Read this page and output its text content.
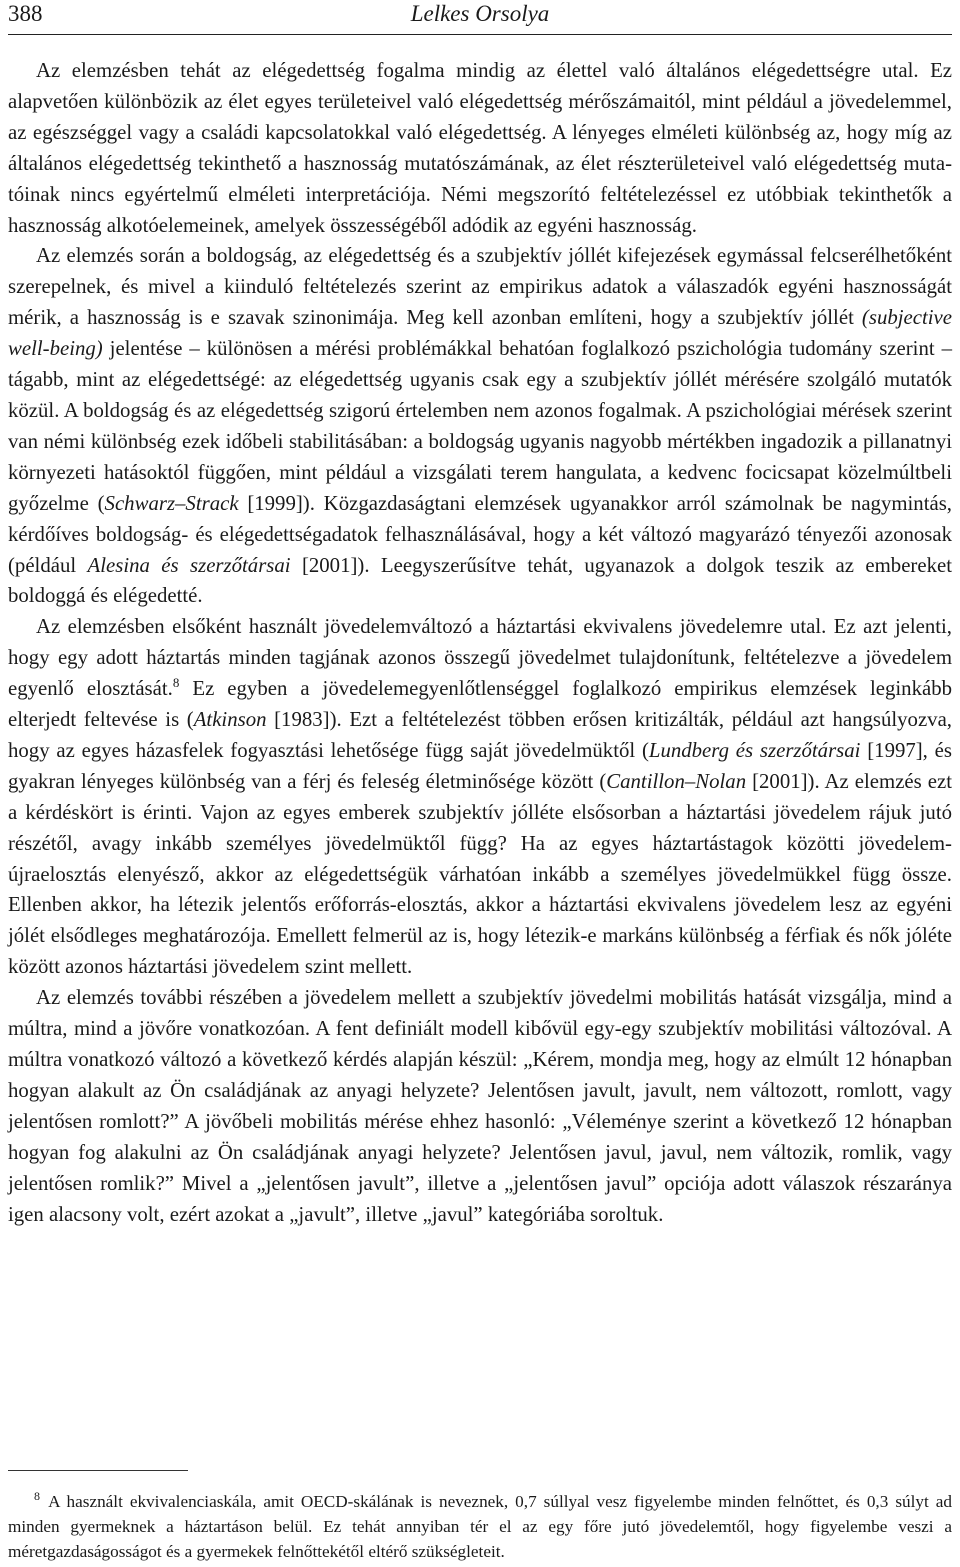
388	Lelkes Orsolya

Az elemzésben tehát az elégedettség fogalma mindig az élettel való általános elégedettségre utal. Ez alapvetően különbözik az élet egyes területeivel való elégedettség mérőszámaitól, mint például a jövedelemmel, az egészséggel vagy a családi kapcsolatokkal való elégedettség. A lényeges elméleti különbség az, hogy míg az általános elégedettség tekinthető a hasznosság mutatószámának, az élet részterületeivel való elégedettség mutatóinak nincs egyértelmű elméleti interpretációja. Némi megszorító feltételezéssel ez utóbbiak tekinthetők a hasznosság alkotóelemeinek, amelyek összességéből adódik az egyéni hasznosság.

Az elemzés során a boldogság, az elégedettség és a szubjektív jóllét kifejezések egymással felcserélhetőként szerepelnek, és mivel a kiinduló feltételezés szerint az empirikus adatok a válaszadók egyéni hasznosságát mérik, a hasznosság is e szavak szinonimája. Meg kell azonban említeni, hogy a szubjektív jóllét (subjective well-being) jelentése – különösen a mérési problémákkal behatóan foglalkozó pszichológia tudomány szerint – tágabb, mint az elégedettségé: az elégedettség ugyanis csak egy a szubjektív jóllét mérésére szolgáló mutatók közül. A boldogság és az elégedettség szigorú értelemben nem azonos fogalmak. A pszichológiai mérések szerint van némi különbség ezek időbeli stabilitásában: a boldogság ugyanis nagyobb mértékben ingadozik a pillanatnyi környezeti hatásoktól függően, mint például a vizsgálati terem hangulata, a kedvenc focicsapat közelmúltbeli győzelme (Schwarz–Strack [1999]). Közgazdaságtani elemzések ugyanakkor arról számolnak be nagymintás, kérdőíves boldogság- és elégedettségadatok felhasználásával, hogy a két változó magyarázó tényezői azonosak (például Alesina és szerzőtársai [2001]). Leegyszerűsítve tehát, ugyanazok a dolgok teszik az embereket boldoggá és elégedetté.

Az elemzésben elsőként használt jövedelemváltozó a háztartási ekvivalens jövedelemre utal. Ez azt jelenti, hogy egy adott háztartás minden tagjának azonos összegű jövedelmet tulajdonítunk, feltételezve a jövedelem egyenlő elosztását.$^8$ Ez egyben a jövedelemegyenlőtlenséggel foglalkozó empirikus elemzések leginkább elterjedt feltevése is (Atkinson [1983]). Ezt a feltételezést többen erősen kritizálták, például azt hangsúlyozva, hogy az egyes házasfelek fogyasztási lehetősége függ saját jövedelmüktől (Lundberg és szerzőtársai [1997], és gyakran lényeges különbség van a férj és feleség életminősége között (Cantillon–Nolan [2001]). Az elemzés ezt a kérdéskört is érinti. Vajon az egyes emberek szubjektív jólléte elsősorban a háztartási jövedelem rájuk jutó részétől, avagy inkább személyes jövedelmüktől függ? Ha az egyes háztartástagok közötti jövedelem-újraelosztás elenyésző, akkor az elégedettségük várhatóan inkább a személyes jövedelmükkel függ össze. Ellenben akkor, ha létezik jelentős erőforrás-elosztás, akkor a háztartási ekvivalens jövedelem lesz az egyéni jólét elsődleges meghatározója. Emellett felmerül az is, hogy létezik-e markáns különbség a férfiak és nők jóléte között azonos háztartási jövedelem szint mellett.

Az elemzés további részében a jövedelem mellett a szubjektív jövedelmi mobilitás hatását vizsgálja, mind a múltra, mind a jövőre vonatkozóan. A fent definiált modell kibővül egy-egy szubjektív mobilitási változóval. A múltra vonatkozó változó a következő kérdés alapján készül: „Kérem, mondja meg, hogy az elmúlt 12 hónapban hogyan alakult az Ön családjának az anyagi helyzete? Jelentősen javult, javult, nem változott, romlott, vagy jelentősen romlott?” A jövőbeli mobilitás mérése ehhez hasonló: „Véleménye szerint a következő 12 hónapban hogyan fog alakulni az Ön családjának anyagi helyzete? Jelentősen javul, javul, nem változik, romlik, vagy jelentősen romlik?” Mivel a „jelentősen javult”, illetve a „jelentősen javul” opciója adott válaszok részaránya igen alacsony volt, ezért azokat a „javult”, illetve „javul” kategóriába soroltuk.

$^8$ A használt ekvivalenciaskála, amit OECD-skálának is neveznek, 0,7 súllyal vesz figyelembe minden felnőttet, és 0,3 súlyt ad minden gyermeknek a háztartáson belül. Ez tehát annyiban tér el az egy főre jutó jövedelemtől, hogy figyelembe veszi a méretgazdaságosságot és a gyermekek felnőttekétől eltérő szükségleteit.
